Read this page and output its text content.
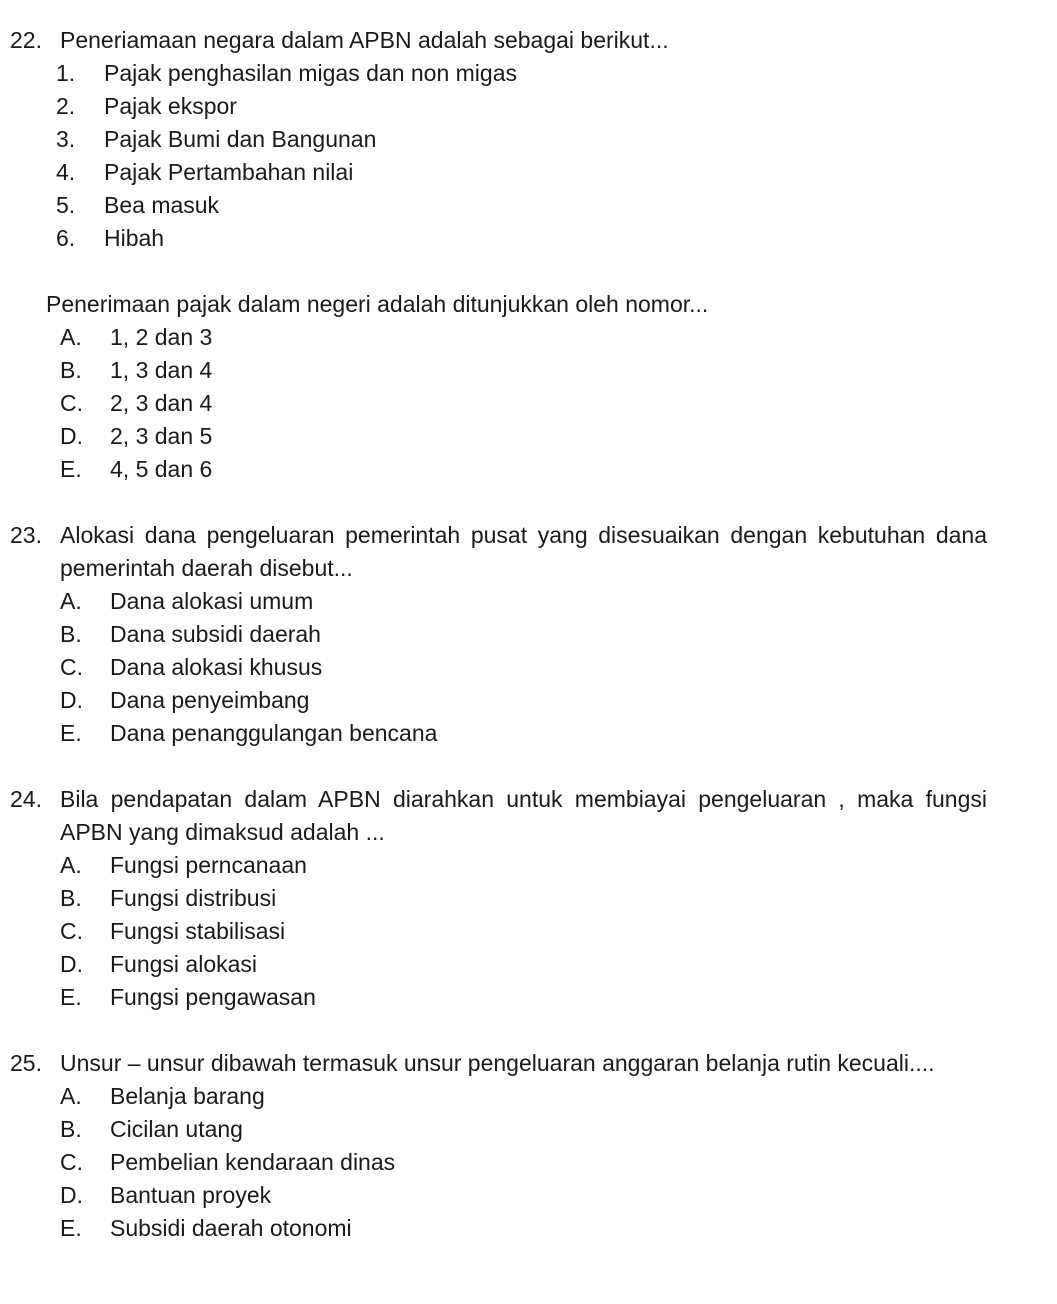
22. Peneriamaan negara dalam APBN adalah sebagai berikut...
1.	Pajak penghasilan migas dan non migas
2.	Pajak ekspor
3.	Pajak Bumi dan Bangunan
4.	Pajak Pertambahan nilai
5.	Bea masuk
6.	Hibah
Penerimaan pajak dalam negeri adalah ditunjukkan oleh nomor...
A.	1, 2 dan 3
B.	1, 3 dan 4
C.	2, 3 dan 4
D.	2, 3 dan 5
E.	4, 5 dan 6
23. Alokasi dana pengeluaran pemerintah pusat yang disesuaikan dengan kebutuhan dana pemerintah daerah disebut...
A.	Dana alokasi umum
B.	Dana subsidi daerah
C.	Dana alokasi khusus
D.	Dana penyeimbang
E.	Dana penanggulangan bencana
24. Bila pendapatan dalam APBN diarahkan untuk membiayai pengeluaran , maka fungsi APBN yang dimaksud adalah ...
A.	Fungsi perncanaan
B.	Fungsi distribusi
C.	Fungsi stabilisasi
D.	Fungsi alokasi
E.	Fungsi pengawasan
25. Unsur – unsur dibawah termasuk unsur pengeluaran anggaran belanja rutin kecuali....
A.	Belanja barang
B.	Cicilan utang
C.	Pembelian kendaraan dinas
D.	Bantuan proyek
E.	Subsidi daerah otonomi
